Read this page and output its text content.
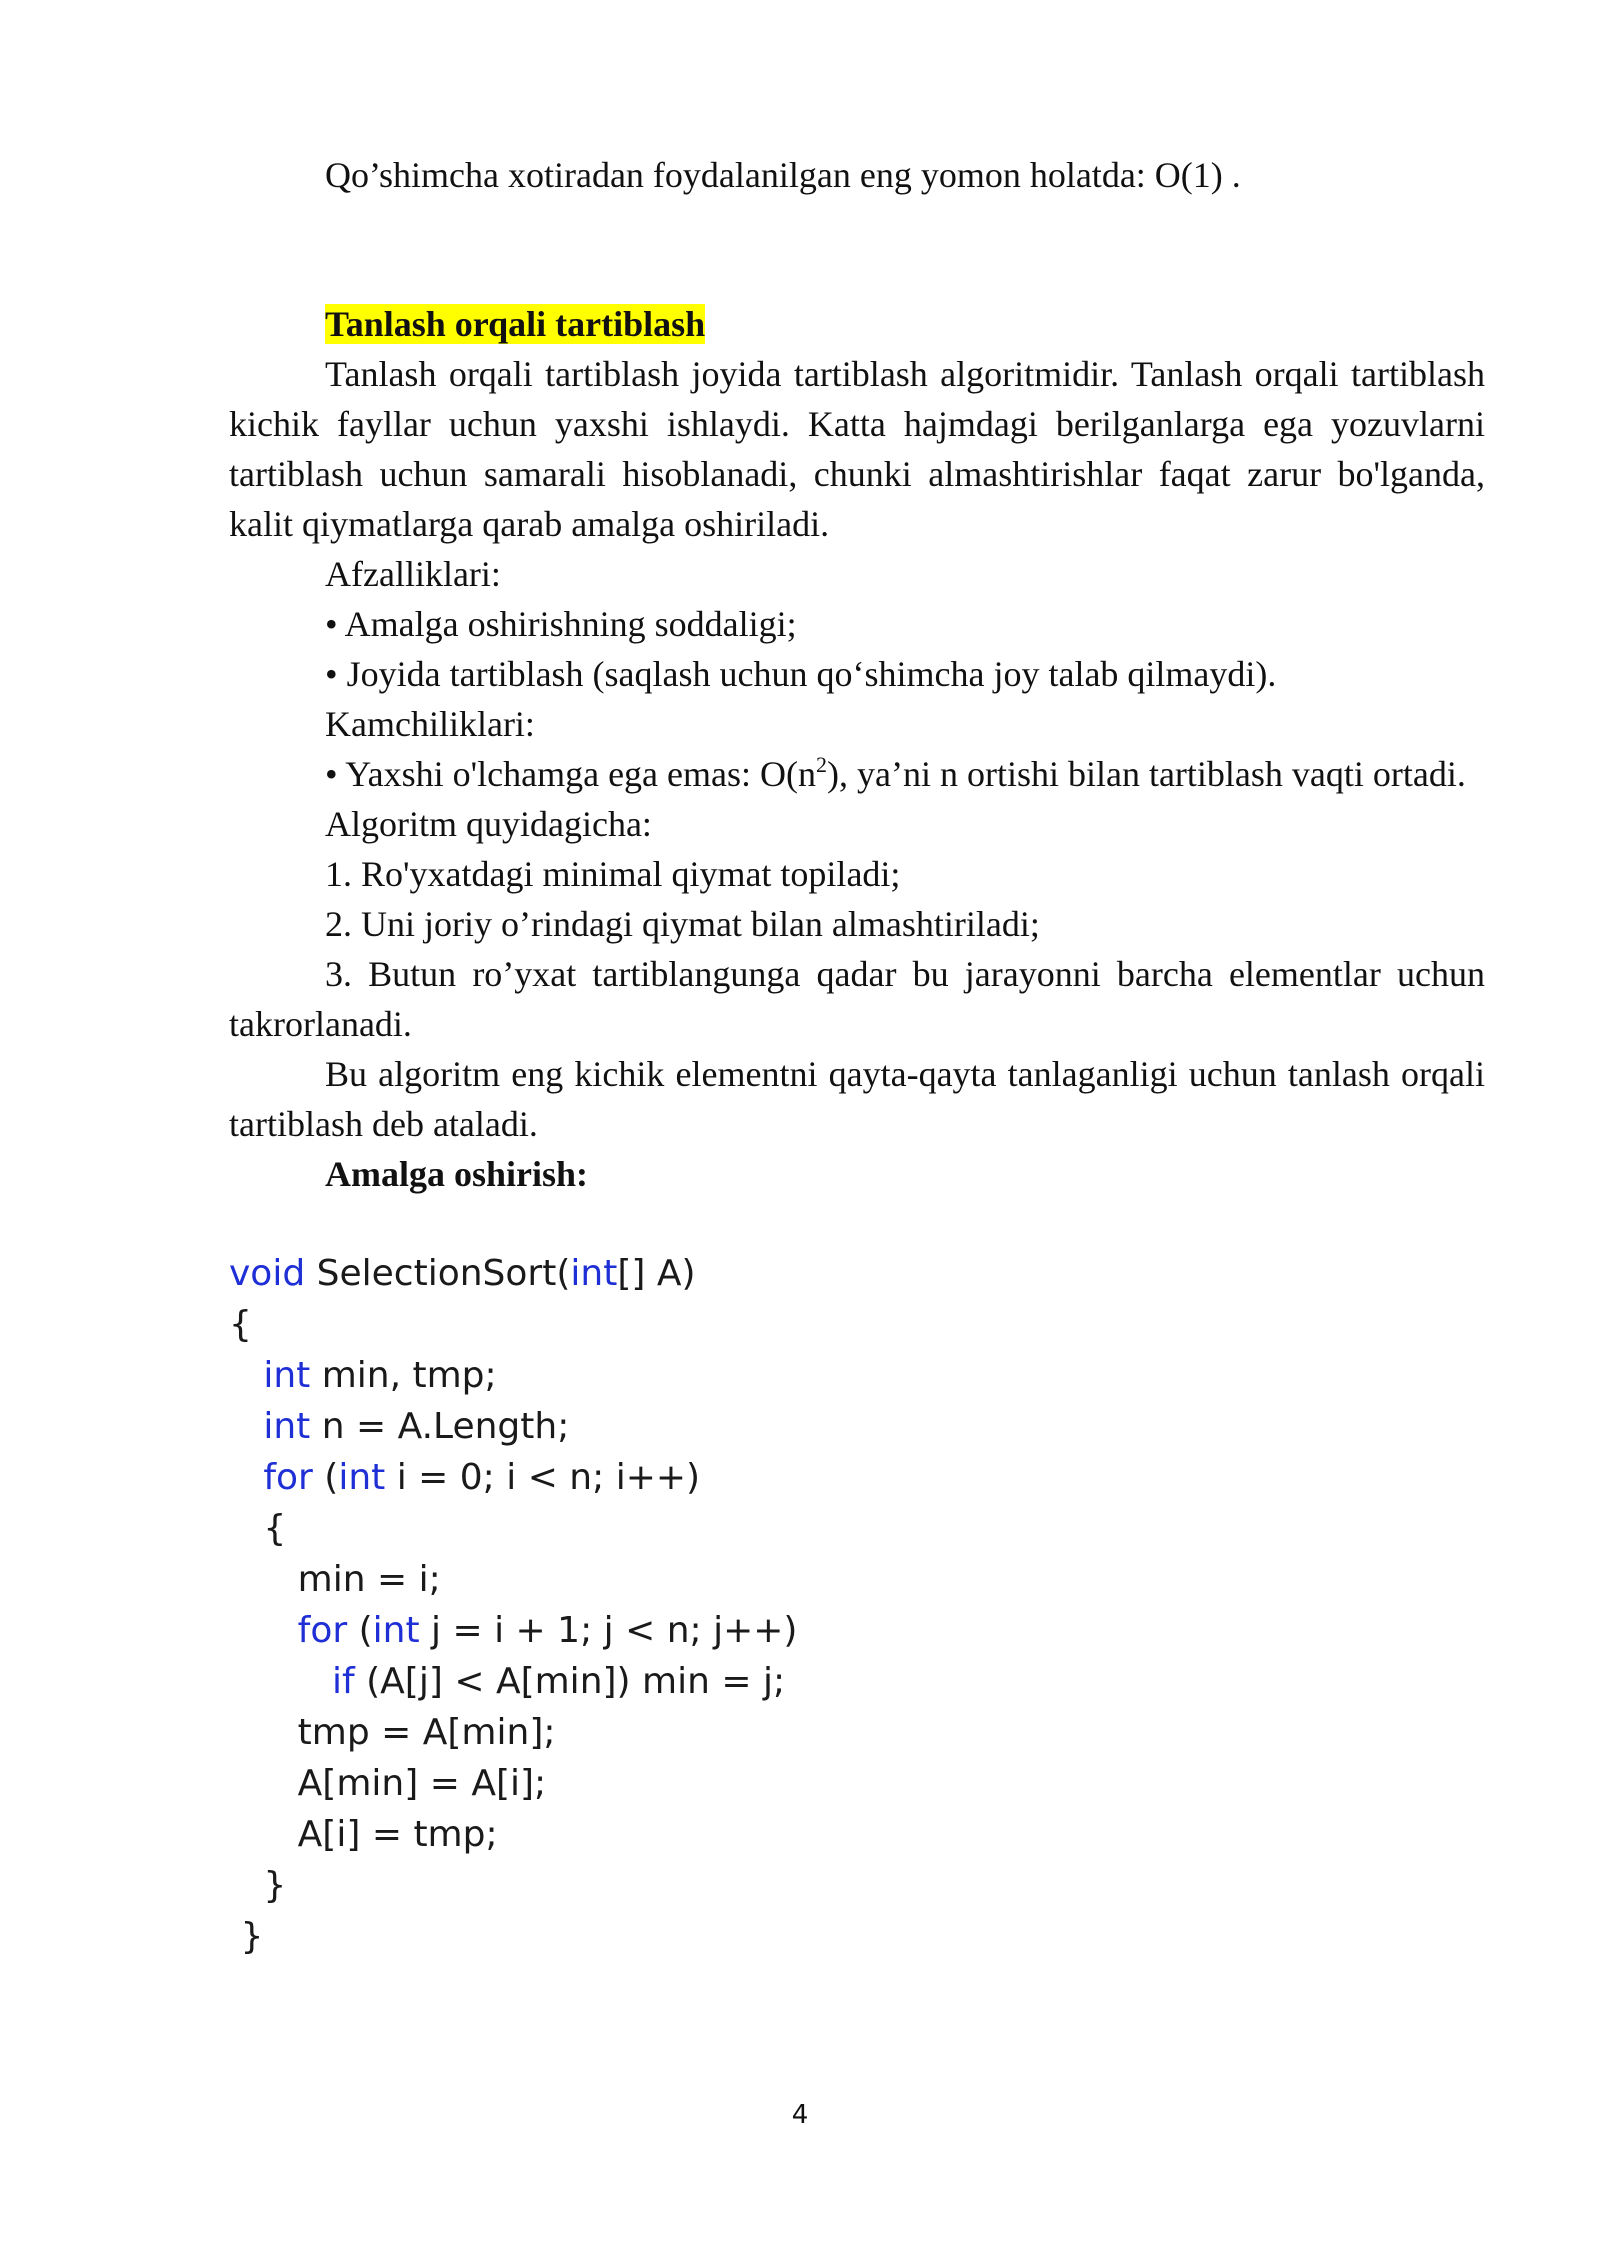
Qo’shimcha xotiradan foydalanilgan eng yomon holatda: O(1) .

Tanlash orqali tartiblash

Tanlash orqali tartiblash joyida tartiblash algoritmidir. Tanlash orqali tartiblash kichik fayllar uchun yaxshi ishlaydi. Katta hajmdagi berilganlarga ega yozuvlarni tartiblash uchun samarali hisoblanadi, chunki almashtirishlar faqat zarur bo'lganda, kalit qiymatlarga qarab amalga oshiriladi.

Afzalliklari:

• Amalga oshirishning soddaligi;

• Joyida tartiblash (saqlash uchun qo‘shimcha joy talab qilmaydi).

Kamchiliklari:

• Yaxshi o'lchamga ega emas: $O(n^2)$, ya’ni n ortishi bilan tartiblash vaqti ortadi.

Algoritm quyidagicha:

1. Ro'yxatdagi minimal qiymat topiladi;

2. Uni joriy o’rindagi qiymat bilan almashtiriladi;

3. Butun ro’yxat tartiblangunga qadar bu jarayonni barcha elementlar uchun takrorlanadi.

Bu algoritm eng kichik elementni qayta-qayta tanlaganligi uchun tanlash orqali tartiblash deb ataladi.

Amalga oshirish:

void SelectionSort(int[] A)
{
int min, tmp;
int n = A.Length;
for (int i = 0; i < n; i++)
{
min = i;
for (int j = i + 1; j < n; j++)
if (A[j] < A[min]) min = j;
tmp = A[min];
A[min] = A[i];
A[i] = tmp;
}
}
4
